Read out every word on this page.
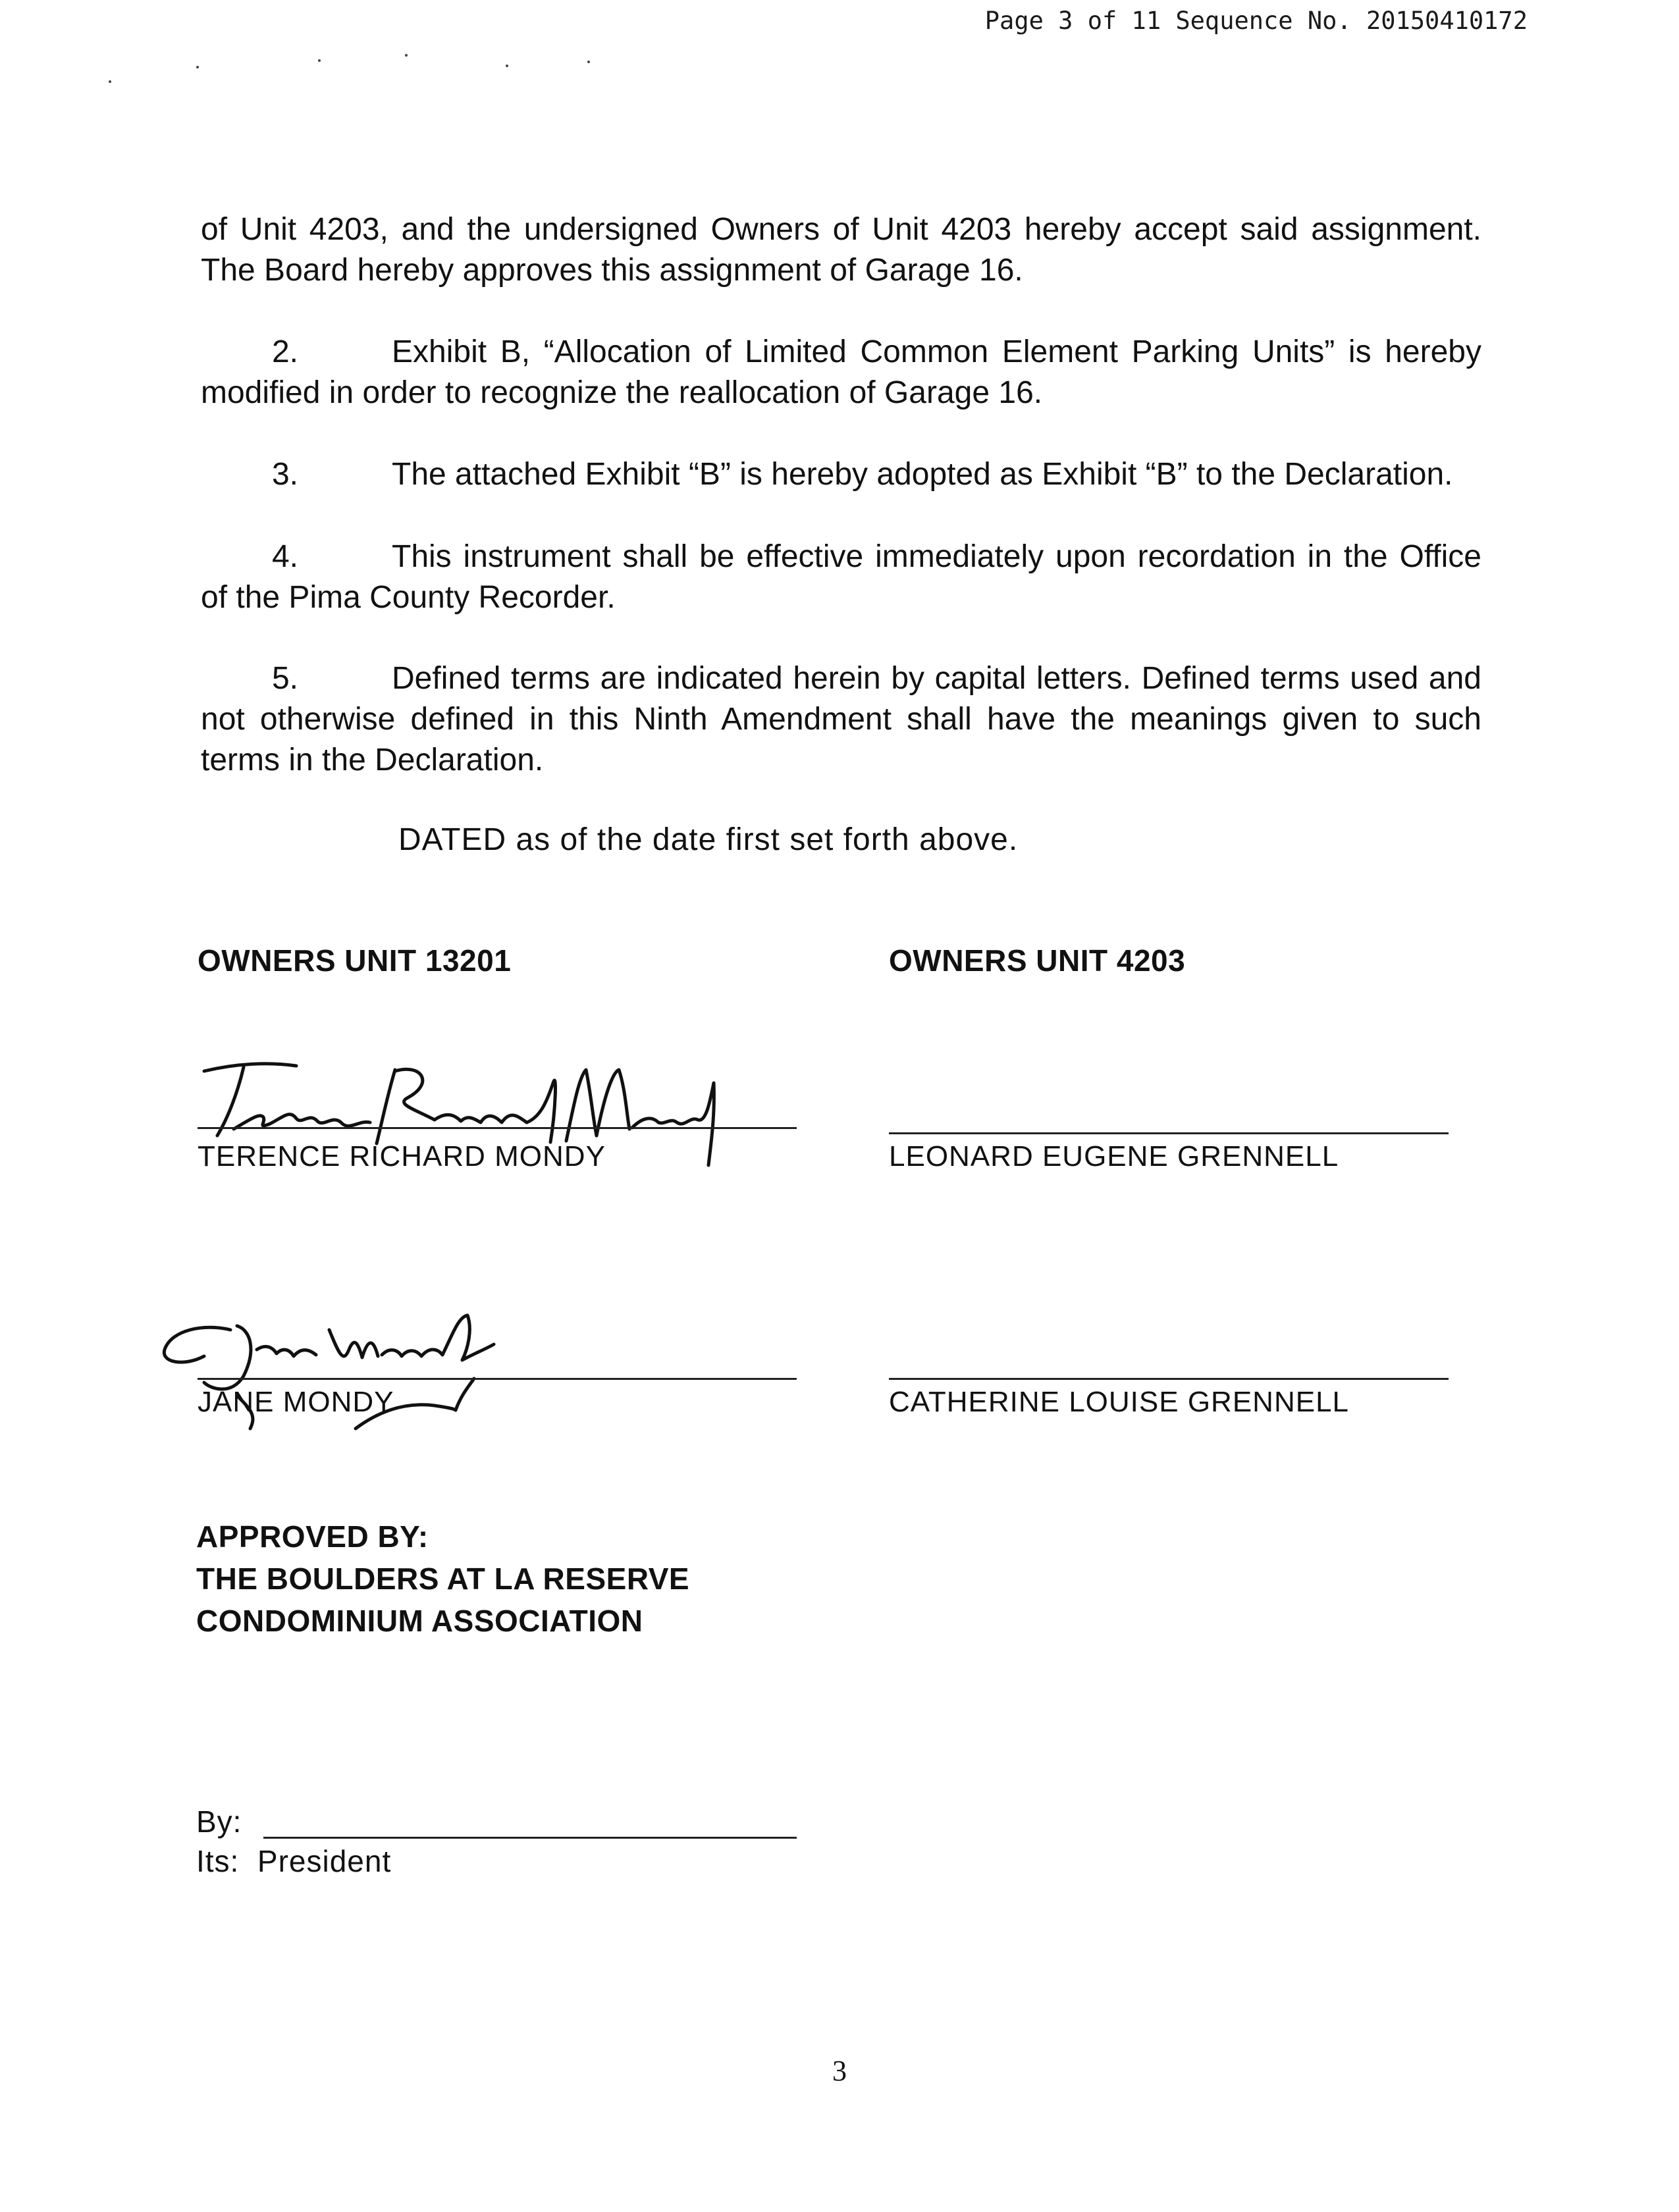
Page 3 of 11 Sequence No. 20150410172

of Unit 4203, and the undersigned Owners of Unit 4203 hereby accept said assignment. The Board hereby approves this assignment of Garage 16.

2.	Exhibit B, “Allocation of Limited Common Element Parking Units” is hereby modified in order to recognize the reallocation of Garage 16.

3.	The attached Exhibit “B” is hereby adopted as Exhibit “B” to the Declaration.

4.	This instrument shall be effective immediately upon recordation in the Office of the Pima County Recorder.

5.	Defined terms are indicated herein by capital letters. Defined terms used and not otherwise defined in this Ninth Amendment shall have the meanings given to such terms in the Declaration.

DATED as of the date first set forth above.
OWNERS UNIT 13201	OWNERS UNIT 4203
TERENCE RICHARD MONDY	LEONARD EUGENE GRENNELL
JANE MONDY	CATHERINE LOUISE GRENNELL
APPROVED BY:
THE BOULDERS AT LA RESERVE
CONDOMINIUM ASSOCIATION
By:
Its:  President
3
